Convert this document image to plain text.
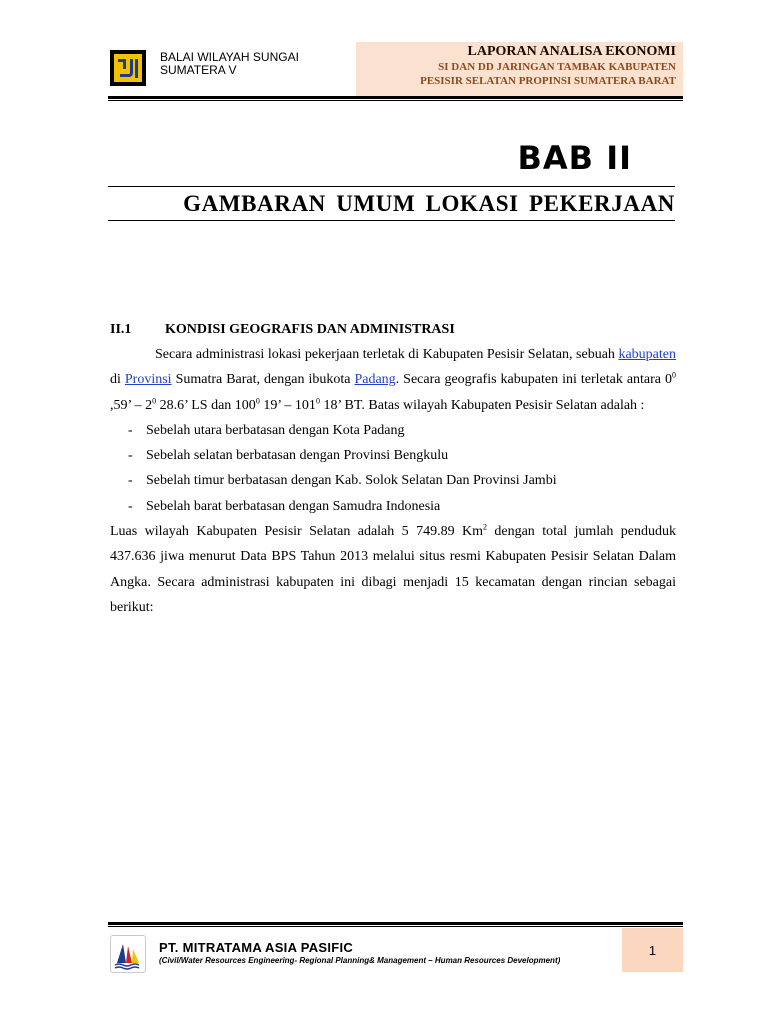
BALAI WILAYAH SUNGAI
SUMATERA V
LAPORAN ANALISA EKONOMI
SI DAN DD JARINGAN TAMBAK KABUPATEN
PESISIR SELATAN PROPINSI SUMATERA BARAT
BAB II
GAMBARAN UMUM LOKASI PEKERJAAN
II.1 KONDISI GEOGRAFIS DAN ADMINISTRASI

Secara administrasi lokasi pekerjaan terletak di Kabupaten Pesisir Selatan, sebuah kabupaten di Provinsi Sumatra Barat, dengan ibukota Padang. Secara geografis kabupaten ini terletak antara $0^0$ ,59’ – $2^0$ 28.6’ LS dan $100^0$ 19’ – $101^0$ 18’ BT. Batas wilayah Kabupaten Pesisir Selatan adalah :

- Sebelah utara berbatasan dengan Kota Padang
- Sebelah selatan berbatasan dengan Provinsi Bengkulu
- Sebelah timur berbatasan dengan Kab. Solok Selatan Dan Provinsi Jambi
- Sebelah barat berbatasan dengan Samudra Indonesia

Luas wilayah Kabupaten Pesisir Selatan adalah 5 749.89 Km$^2$ dengan total jumlah penduduk 437.636 jiwa menurut Data BPS Tahun 2013 melalui situs resmi Kabupaten Pesisir Selatan Dalam Angka. Secara administrasi kabupaten ini dibagi menjadi 15 kecamatan dengan rincian sebagai berikut:

PT. MITRATAMA ASIA PASIFIC
(Civil/Water Resources Engineering- Regional Planning& Management – Human Resources Development)
1
